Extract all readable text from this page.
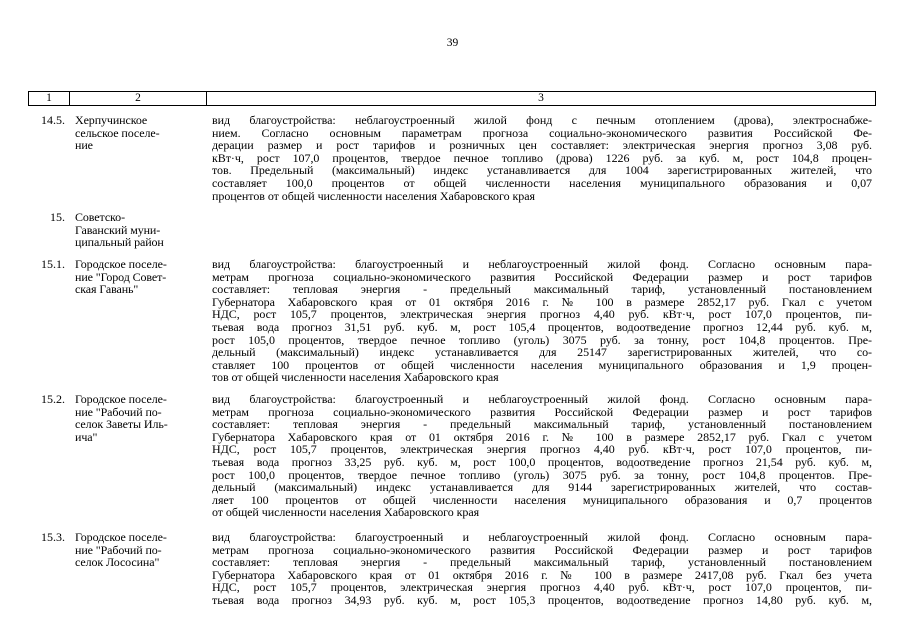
39
1	2	3
14.5. Херпучинское
сельское поселе-
ние
вид благоустройства: неблагоустроенный жилой фонд с печным отоплением (дрова), электроснабже-
нием. Согласно основным параметрам прогноза социально-экономического развития Российской Фе-
дерации размер и рост тарифов и розничных цен составляет: электрическая энергия прогноз 3,08 руб.
кВт·ч, рост 107,0 процентов, твердое печное топливо (дрова) 1226 руб. за куб. м, рост 104,8 процен-
тов. Предельный (максимальный) индекс устанавливается для 1004 зарегистрированных жителей, что
составляет 100,0 процентов от общей численности населения муниципального образования и 0,07
процентов от общей численности населения Хабаровского края
15. Советско-
Гаванский муни-
ципальный район
15.1. Городское поселе-
ние "Город Совет-
ская Гавань"
вид благоустройства: благоустроенный и неблагоустроенный жилой фонд. Согласно основным пара-
метрам прогноза социально-экономического развития Российской Федерации размер и рост тарифов
составляет: тепловая энергия - предельный максимальный тариф, установленный постановлением
Губернатора Хабаровского края от 01 октября 2016 г. № 100 в размере 2852,17 руб. Гкал с учетом
НДС, рост 105,7 процентов, электрическая энергия прогноз 4,40 руб. кВт·ч, рост 107,0 процентов, пи-
тьевая вода прогноз 31,51 руб. куб. м, рост 105,4 процентов, водоотведение прогноз 12,44 руб. куб. м,
рост 105,0 процентов, твердое печное топливо (уголь) 3075 руб. за тонну, рост 104,8 процентов. Пре-
дельный (максимальный) индекс устанавливается для 25147 зарегистрированных жителей, что со-
ставляет 100 процентов от общей численности населения муниципального образования и 1,9 процен-
тов от общей численности населения Хабаровского края
15.2. Городское поселе-
ние "Рабочий по-
селок Заветы Иль-
ича"
вид благоустройства: благоустроенный и неблагоустроенный жилой фонд. Согласно основным пара-
метрам прогноза социально-экономического развития Российской Федерации размер и рост тарифов
составляет: тепловая энергия - предельный максимальный тариф, установленный постановлением
Губернатора Хабаровского края от 01 октября 2016 г. № 100 в размере 2852,17 руб. Гкал с учетом
НДС, рост 105,7 процентов, электрическая энергия прогноз 4,40 руб. кВт·ч, рост 107,0 процентов, пи-
тьевая вода прогноз 33,25 руб. куб. м, рост 100,0 процентов, водоотведение прогноз 21,54 руб. куб. м,
рост 100,0 процентов, твердое печное топливо (уголь) 3075 руб. за тонну, рост 104,8 процентов. Пре-
дельный (максимальный) индекс устанавливается для 9144 зарегистрированных жителей, что состав-
ляет 100 процентов от общей численности населения муниципального образования и 0,7 процентов
от общей численности населения Хабаровского края
15.3. Городское поселе-
ние "Рабочий по-
селок Лососина"
вид благоустройства: благоустроенный и неблагоустроенный жилой фонд. Согласно основным пара-
метрам прогноза социально-экономического развития Российской Федерации размер и рост тарифов
составляет: тепловая энергия - предельный максимальный тариф, установленный постановлением
Губернатора Хабаровского края от 01 октября 2016 г. № 100 в размере 2417,08 руб. Гкал без учета
НДС, рост 105,7 процентов, электрическая энергия прогноз 4,40 руб. кВт·ч, рост 107,0 процентов, пи-
тьевая вода прогноз 34,93 руб. куб. м, рост 105,3 процентов, водоотведение прогноз 14,80 руб. куб. м,
